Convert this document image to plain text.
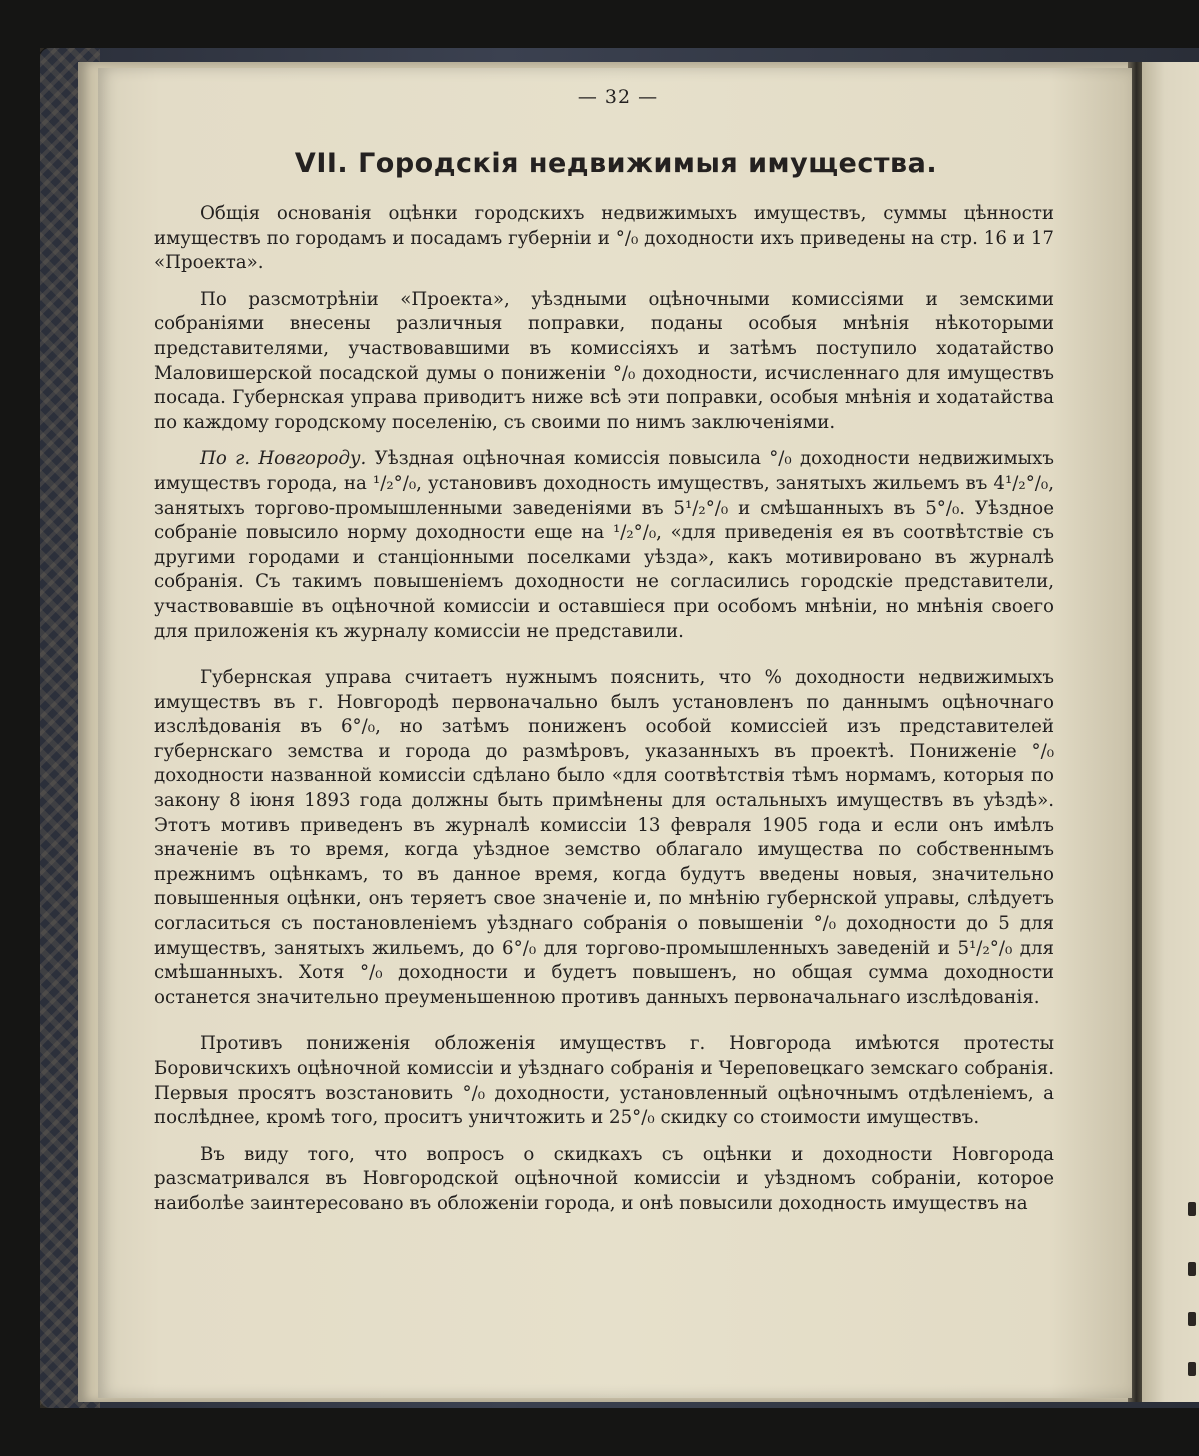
— 32 —
VII. Городскія недвижимыя имущества.

Общія основанія оцѣнки городскихъ недвижимыхъ имуществъ, суммы цѣнности имуществъ по городамъ и посадамъ губерніи и °/₀ доходности ихъ приведены на стр. 16 и 17 «Проекта».

По разсмотрѣніи «Проекта», уѣздными оцѣночными комиссіями и земскими собраніями внесены различныя поправки, поданы особыя мнѣнія нѣкоторыми представителями, участвовавшими въ комиссіяхъ и затѣмъ поступило ходатайство Маловишерской посадской думы о пониженіи °/₀ доходности, исчисленнаго для имуществъ посада. Губернская управа приводитъ ниже всѣ эти поправки, особыя мнѣнія и ходатайства по каждому городскому поселенію, съ своими по нимъ заключеніями.

По г. Новгороду. Уѣздная оцѣночная комиссія повысила °/₀ доходности недвижимыхъ имуществъ города, на ¹/₂°/₀, установивъ доходность имуществъ, занятыхъ жильемъ въ 4¹/₂°/₀, занятыхъ торгово-промышленными заведеніями въ 5¹/₂°/₀ и смѣшанныхъ въ 5°/₀. Уѣздное собраніе повысило норму доходности еще на ¹/₂°/₀, «для приведенія ея въ соотвѣтствіе съ другими городами и станціонными поселками уѣзда», какъ мотивировано въ журналѣ собранія. Съ такимъ повышеніемъ доходности не согласились городскіе представители, участвовавшіе въ оцѣночной комиссіи и оставшіеся при особомъ мнѣніи, но мнѣнія своего для приложенія къ журналу комиссіи не представили.

Губернская управа считаетъ нужнымъ пояснить, что % доходности недвижимыхъ имуществъ въ г. Новгородѣ первоначально былъ установленъ по даннымъ оцѣночнаго изслѣдованія въ 6°/₀, но затѣмъ пониженъ особой комиссіей изъ представителей губернскаго земства и города до размѣровъ, указанныхъ въ проектѣ. Пониженіе °/₀ доходности названной комиссіи сдѣлано было «для соотвѣтствія тѣмъ нормамъ, которыя по закону 8 іюня 1893 года должны быть примѣнены для остальныхъ имуществъ въ уѣздѣ». Этотъ мотивъ приведенъ въ журналѣ комиссіи 13 февраля 1905 года и если онъ имѣлъ значеніе въ то время, когда уѣздное земство облагало имущества по собственнымъ прежнимъ оцѣнкамъ, то въ данное время, когда будутъ введены новыя, значительно повышенныя оцѣнки, онъ теряетъ свое значеніе и, по мнѣнію губернской управы, слѣдуетъ согласиться съ постановленіемъ уѣзднаго собранія о повышеніи °/₀ доходности до 5 для имуществъ, занятыхъ жильемъ, до 6°/₀ для торгово-промышленныхъ заведеній и 5¹/₂°/₀ для смѣшанныхъ. Хотя °/₀ доходности и будетъ повышенъ, но общая сумма доходности останется значительно преуменьшенною противъ данныхъ первоначальнаго изслѣдованія.

Противъ пониженія обложенія имуществъ г. Новгорода имѣются протесты Боровичскихъ оцѣночной комиссіи и уѣзднаго собранія и Череповецкаго земскаго собранія. Первыя просятъ возстановить °/₀ доходности, установленный оцѣночнымъ отдѣленіемъ, а послѣднее, кромѣ того, проситъ уничтожить и 25°/₀ скидку со стоимости имуществъ.

Въ виду того, что вопросъ о скидкахъ съ оцѣнки и доходности Новгорода разсматривался въ Новгородской оцѣночной комиссіи и уѣздномъ собраніи, которое наиболѣе заинтересовано въ обложеніи города, и онѣ повысили доходность имуществъ на
